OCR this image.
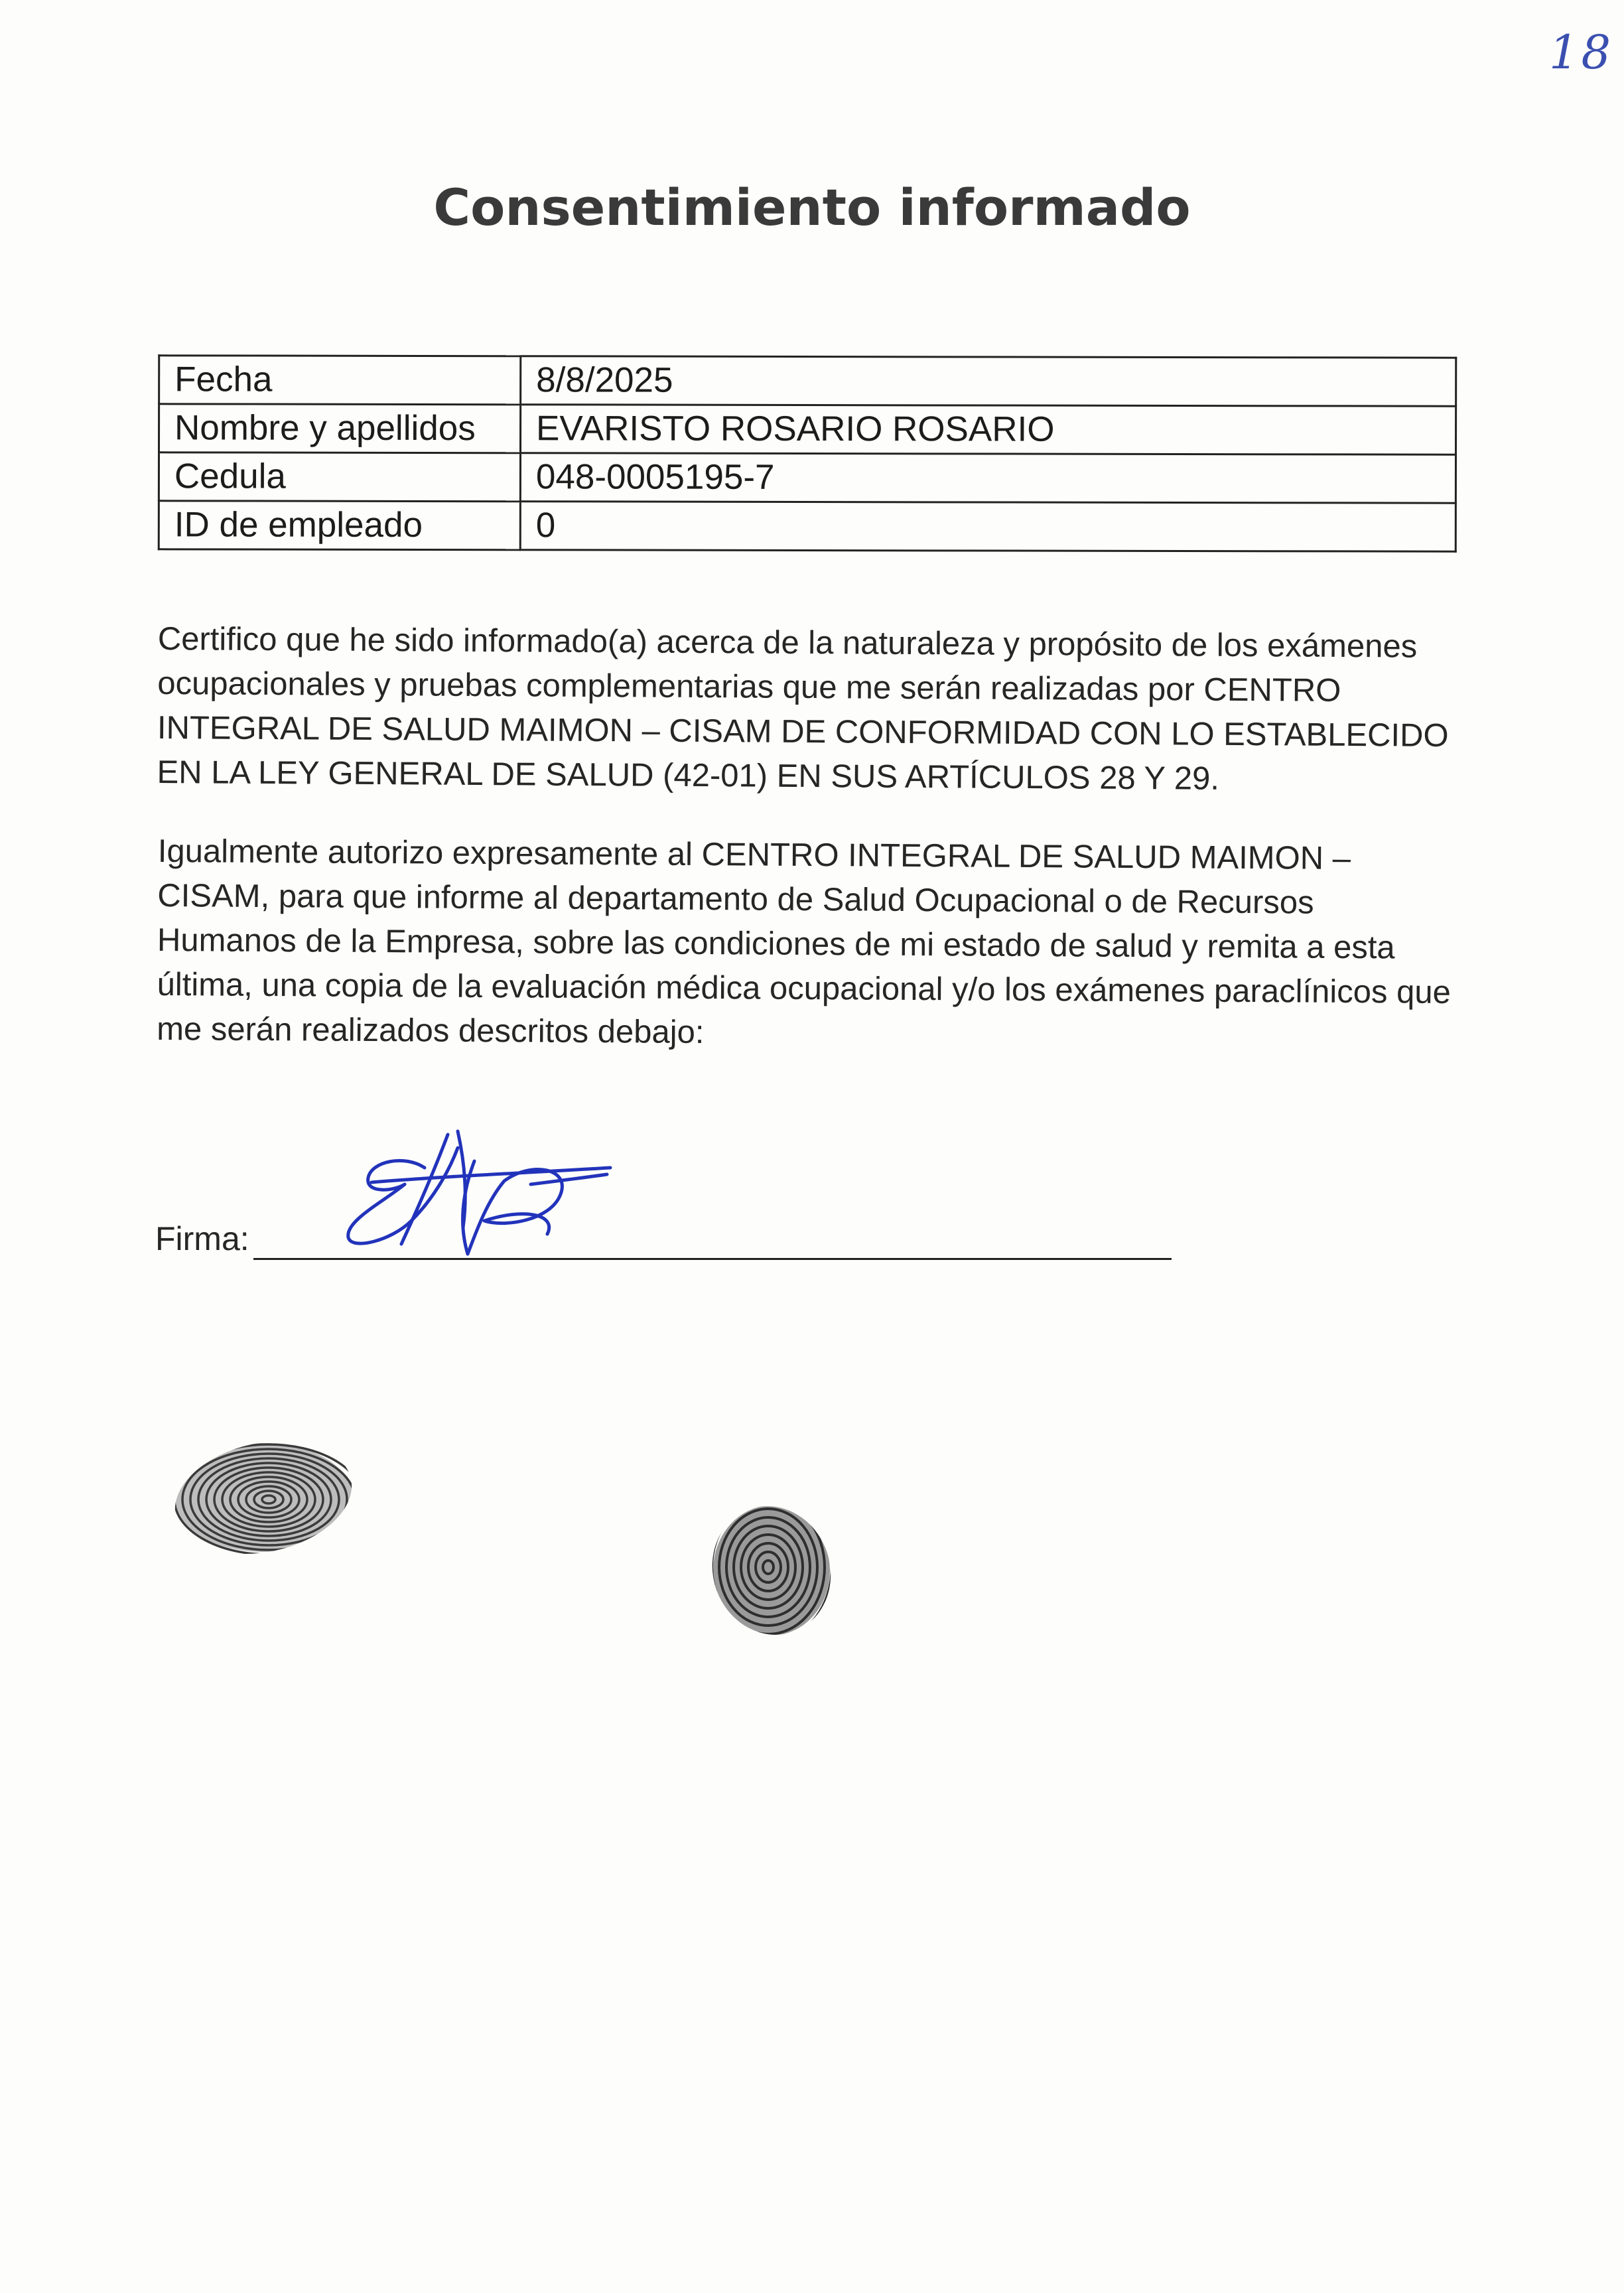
18
Consentimiento informado
Fecha	8/8/2025
Nombre y apellidos	EVARISTO ROSARIO ROSARIO
Cedula	048-0005195-7
ID de empleado	0
Certifico que he sido informado(a) acerca de la naturaleza y propósito de los exámenes ocupacionales y pruebas complementarias que me serán realizadas por CENTRO INTEGRAL DE SALUD MAIMON – CISAM DE CONFORMIDAD CON LO ESTABLECIDO EN LA LEY GENERAL DE SALUD (42-01) EN SUS ARTÍCULOS 28 Y 29.
Igualmente autorizo expresamente al CENTRO INTEGRAL DE SALUD MAIMON – CISAM, para que informe al departamento de Salud Ocupacional o de Recursos Humanos de la Empresa, sobre las condiciones de mi estado de salud y remita a esta última, una copia de la evaluación médica ocupacional y/o los exámenes paraclínicos que me serán realizados descritos debajo:
Firma:
